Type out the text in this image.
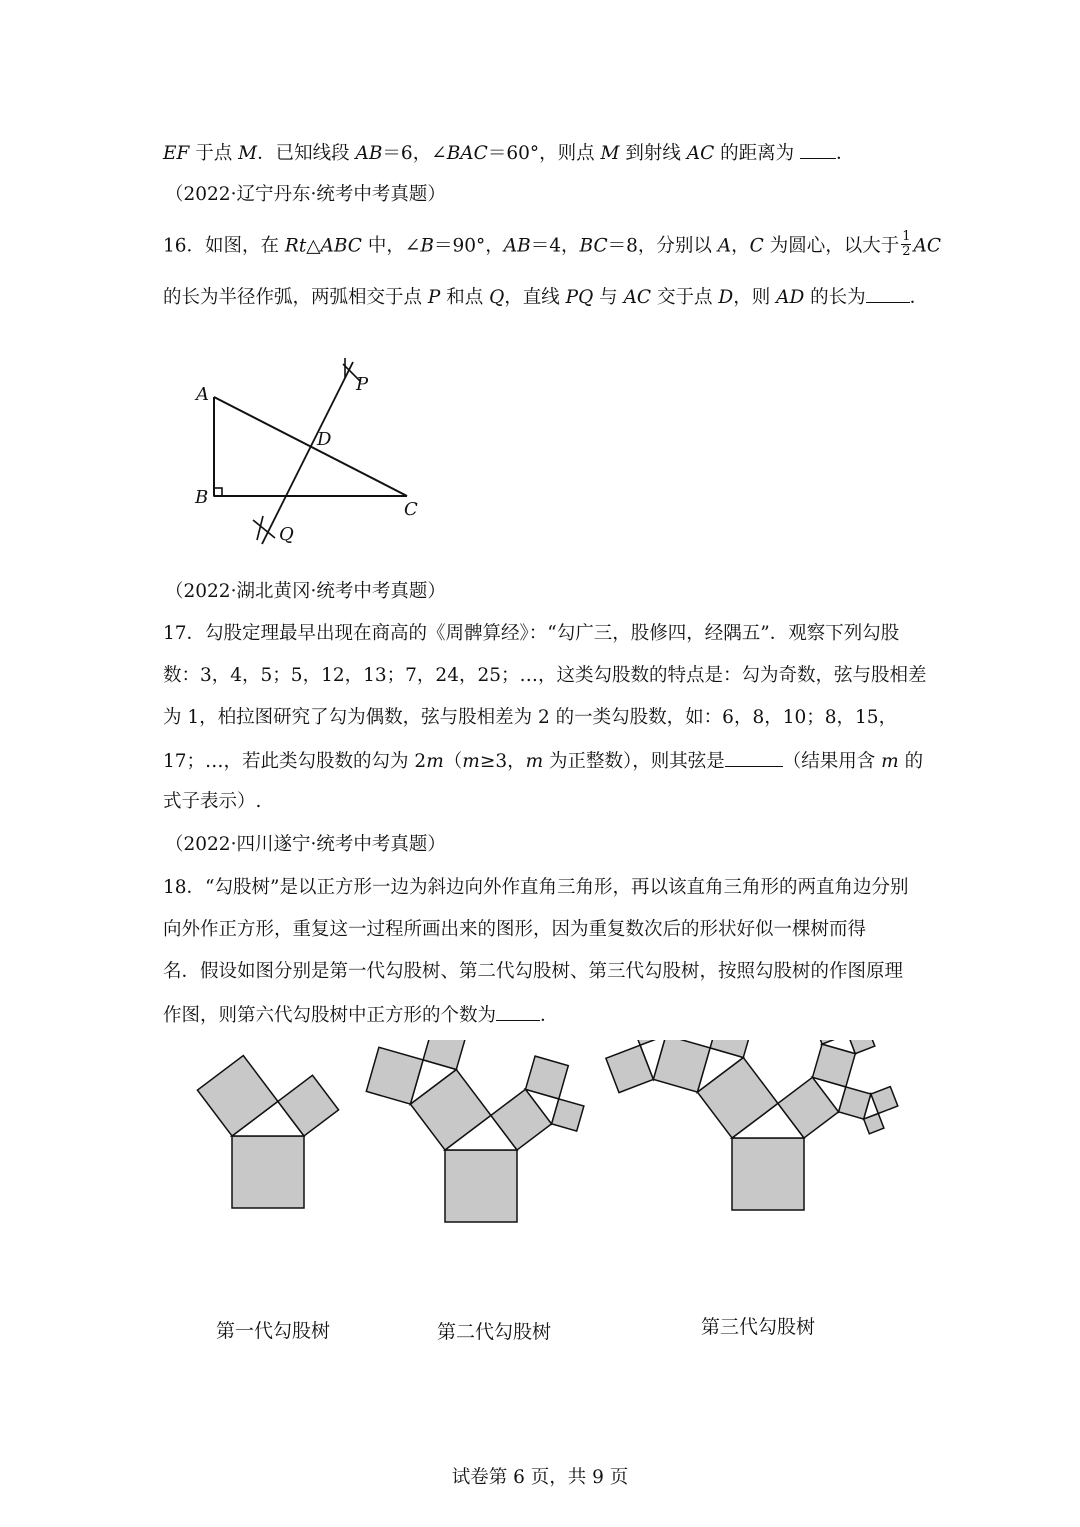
EF 于点 M．已知线段 AB＝6，∠BAC＝60°，则点 M 到射线 AC 的距离为 ．
（2022·辽宁丹东·统考中考真题）
16．如图，在 Rt△ABC 中，∠B＝90°，AB＝4，BC＝8，分别以 A，C 为圆心，以大于 $\frac{1}{2}$ AC
的长为半径作弧，两弧相交于点 P 和点 Q，直线 PQ 与 AC 交于点 D，则 AD 的长为 ．
A
B
C
D
P
Q
（2022·湖北黄冈·统考中考真题）
17．勾股定理最早出现在商高的《周髀算经》：“勾广三，股修四，经隅五”．观察下列勾股
数：3，4，5；5，12，13；7，24，25；…，这类勾股数的特点是：勾为奇数，弦与股相差
为 1，柏拉图研究了勾为偶数，弦与股相差为 2 的一类勾股数，如：6，8，10；8，15，
17；…，若此类勾股数的勾为 2m（m≥3，m 为正整数），则其弦是	（结果用含 m 的
式子表示）.
（2022·四川遂宁·统考中考真题）
18．“勾股树”是以正方形一边为斜边向外作直角三角形，再以该直角三角形的两直角边分别
向外作正方形，重复这一过程所画出来的图形，因为重复数次后的形状好似一棵树而得
名．假设如图分别是第一代勾股树、第二代勾股树、第三代勾股树，按照勾股树的作图原理
作图，则第六代勾股树中正方形的个数为 ．
第一代勾股树	第二代勾股树	第三代勾股树
试卷第 6 页，共 9 页
